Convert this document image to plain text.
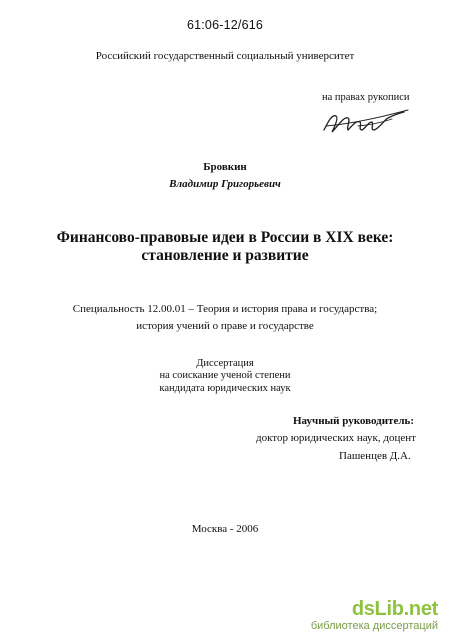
61:06-12/616
Российский государственный социальный университет
на правах рукописи
Бровкин
Владимир Григорьевич
Финансово-правовые идеи в России в XIX веке:
становление и развитие
Специальность 12.00.01 – Теория и история права и государства;
история учений о праве и государстве
Диссертация
на соискание ученой степени
кандидата юридических наук
Научный руководитель:
доктор юридических наук, доцент
Пашенцев Д.А.
Москва - 2006
dsLib.net
библиотека диссертаций
